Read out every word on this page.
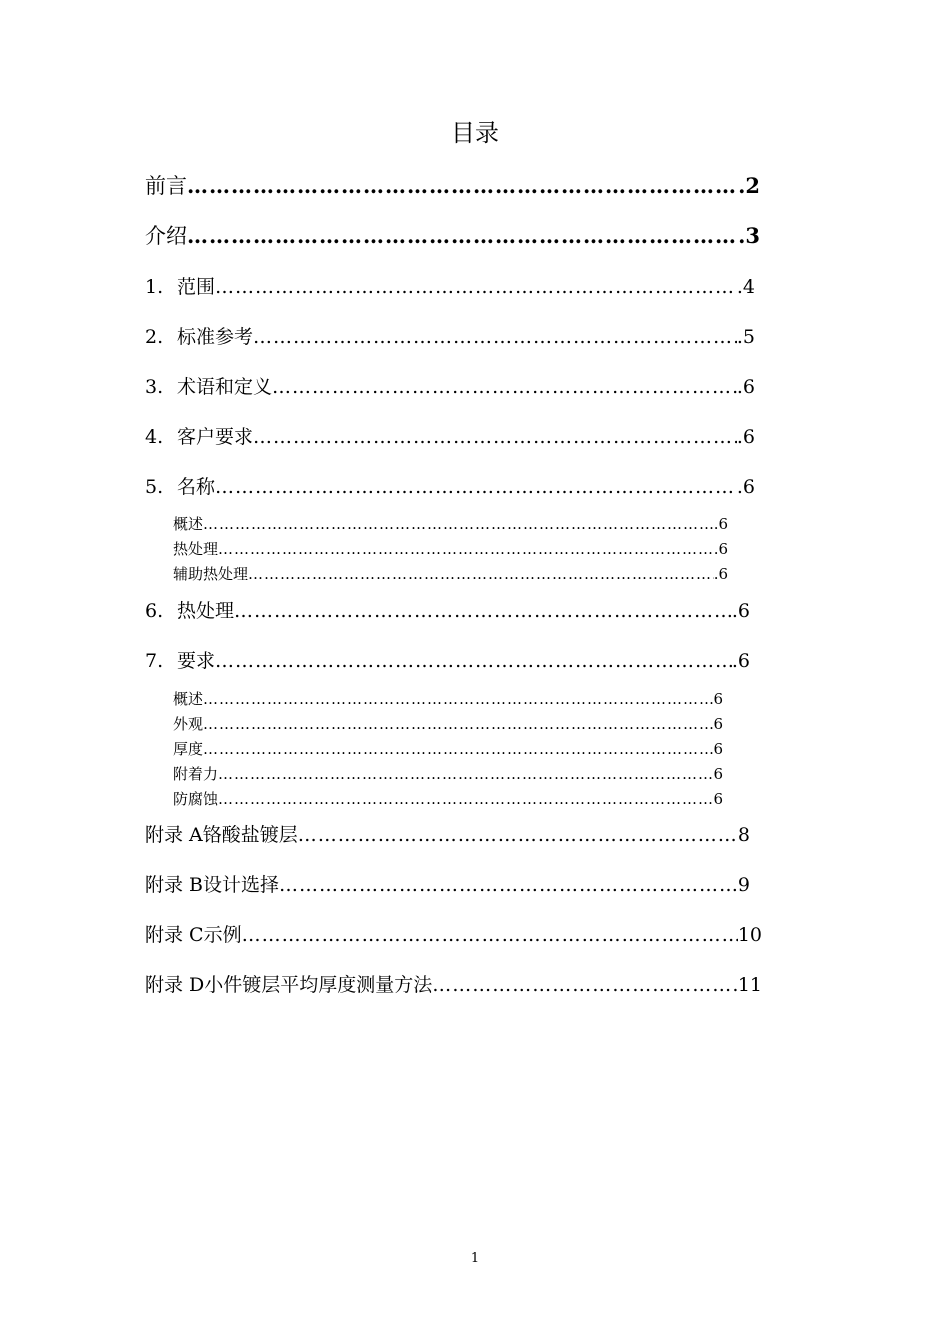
目录
前言 ………………………………………………………………………………………………………………………………………………………………………………………………	.2
介绍 ………………………………………………………………………………………………………………………………………………………………………………………………	.3
1. 范围 ………………………………………………………………………………………………………………………………………………………………………………………………	.4
2. 标准参考 ………………………………………………………………………………………………………………………………………………………………………………………………	.5
3. 术语和定义 ………………………………………………………………………………………………………………………………………………………………………………………………	.6
4. 客户要求 ………………………………………………………………………………………………………………………………………………………………………………………………	.6
5. 名称 ………………………………………………………………………………………………………………………………………………………………………………………………	.6
概述 ………………………………………………………………………………………………………………………………………………………………………………………………	.6
热处理 ………………………………………………………………………………………………………………………………………………………………………………………………	.6
辅助热处理 ………………………………………………………………………………………………………………………………………………………………………………………………	.6
6. 热处理 ………………………………………………………………………………………………………………………………………………………………………………………………	.6
7. 要求 ………………………………………………………………………………………………………………………………………………………………………………………………	.6
概述 ………………………………………………………………………………………………………………………………………………………………………………………………	6
外观 ………………………………………………………………………………………………………………………………………………………………………………………………	6
厚度 ………………………………………………………………………………………………………………………………………………………………………………………………	6
附着力 ………………………………………………………………………………………………………………………………………………………………………………………………	6
防腐蚀 ………………………………………………………………………………………………………………………………………………………………………………………………	6
附录 A 铬酸盐镀层 ………………………………………………………………………………………………………………………………………………………………………………………………	8
附录 B 设计选择 ………………………………………………………………………………………………………………………………………………………………………………………………	9
附录 C 示例 ………………………………………………………………………………………………………………………………………………………………………………………………	10
附录 D 小件镀层平均厚度测量方法 ………………………………………………………………………………………………………………………………………………………………………………………………	11
1
